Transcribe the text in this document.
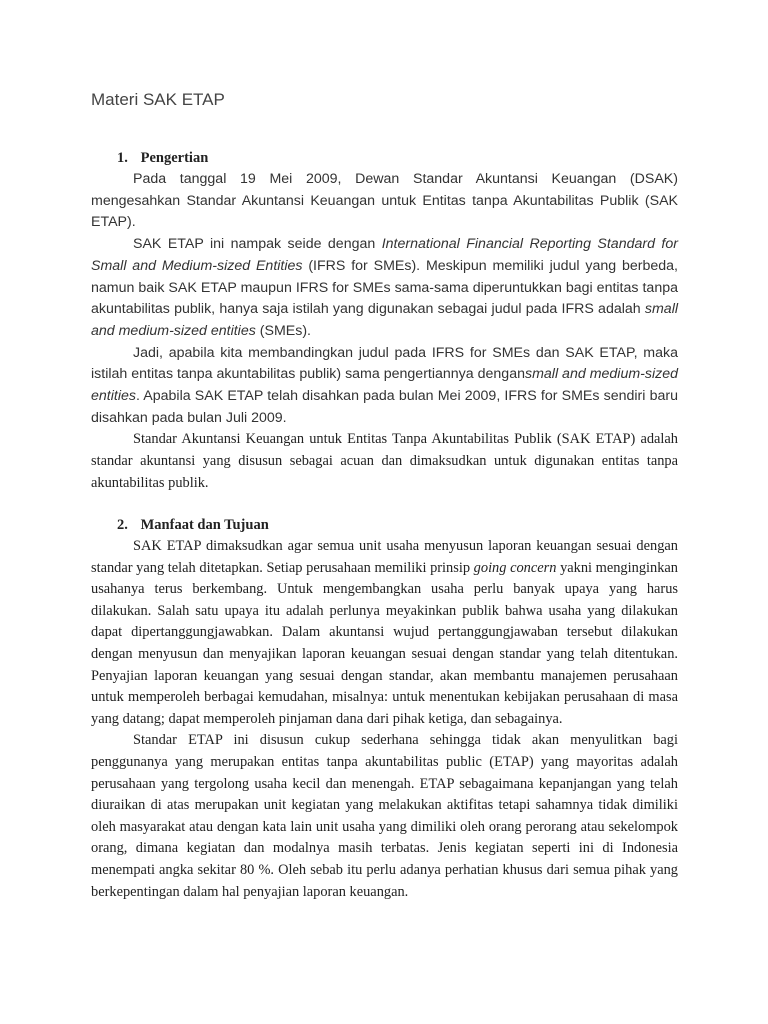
Materi SAK ETAP
1. Pengertian

Pada tanggal 19 Mei 2009, Dewan Standar Akuntansi Keuangan (DSAK) mengesahkan Standar Akuntansi Keuangan untuk Entitas tanpa Akuntabilitas Publik (SAK ETAP).

SAK ETAP ini nampak seide dengan International Financial Reporting Standard for Small and Medium-sized Entities (IFRS for SMEs). Meskipun memiliki judul yang berbeda, namun baik SAK ETAP maupun IFRS for SMEs sama-sama diperuntukkan bagi entitas tanpa akuntabilitas publik, hanya saja istilah yang digunakan sebagai judul pada IFRS adalah small and medium-sized entities (SMEs).

Jadi, apabila kita membandingkan judul pada IFRS for SMEs dan SAK ETAP, maka istilah entitas tanpa akuntabilitas publik) sama pengertiannya dengansmall and medium-sized entities. Apabila SAK ETAP telah disahkan pada bulan Mei 2009, IFRS for SMEs sendiri baru disahkan pada bulan Juli 2009.

Standar Akuntansi Keuangan untuk Entitas Tanpa Akuntabilitas Publik (SAK ETAP) adalah standar akuntansi yang disusun sebagai acuan dan dimaksudkan untuk digunakan entitas tanpa akuntabilitas publik.

2. Manfaat dan Tujuan

SAK ETAP dimaksudkan agar semua unit usaha menyusun laporan keuangan sesuai dengan standar yang telah ditetapkan. Setiap perusahaan memiliki prinsip going concern yakni menginginkan usahanya terus berkembang. Untuk mengembangkan usaha perlu banyak upaya yang harus dilakukan. Salah satu upaya itu adalah perlunya meyakinkan publik bahwa usaha yang dilakukan dapat dipertanggungjawabkan. Dalam akuntansi wujud pertanggungjawaban tersebut dilakukan dengan menyusun dan menyajikan laporan keuangan sesuai dengan standar yang telah ditentukan. Penyajian laporan keuangan yang sesuai dengan standar, akan membantu manajemen perusahaan untuk memperoleh berbagai kemudahan, misalnya: untuk menentukan kebijakan perusahaan di masa yang datang; dapat memperoleh pinjaman dana dari pihak ketiga, dan sebagainya.

Standar ETAP ini disusun cukup sederhana sehingga tidak akan menyulitkan bagi penggunanya yang merupakan entitas tanpa akuntabilitas public (ETAP) yang mayoritas adalah perusahaan yang tergolong usaha kecil dan menengah. ETAP sebagaimana kepanjangan yang telah diuraikan di atas merupakan unit kegiatan yang melakukan aktifitas tetapi sahamnya tidak dimiliki oleh masyarakat atau dengan kata lain unit usaha yang dimiliki oleh orang perorang atau sekelompok orang, dimana kegiatan dan modalnya masih terbatas. Jenis kegiatan seperti ini di Indonesia menempati angka sekitar 80 %. Oleh sebab itu perlu adanya perhatian khusus dari semua pihak yang berkepentingan dalam hal penyajian laporan keuangan.
